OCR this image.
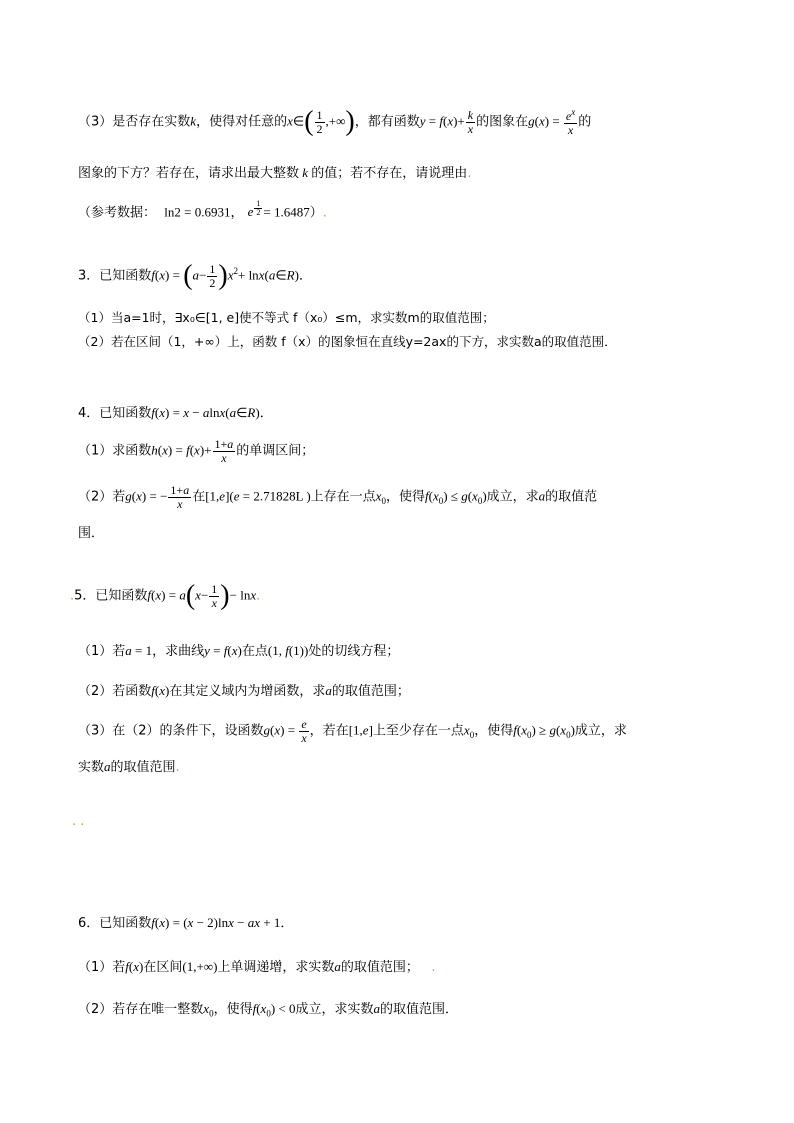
（3）是否存在实数k，使得对任意的x∈( $\frac{1}{2}$ ,+∞)，都有函数$y = f(x)+ \frac{k}{x}$ 的图象在$g(x) = \frac{e^x}{x}$ 的
图象的下方？若存在，请求出最大整数 k 的值；若不存在，请说理由.
（参考数据： ln2 = 0.6931， e $^{\frac{1}{2}}$ = 1.6487）.
3．已知函数$f(x) = (a- \frac{1}{2} )x^2+$ lnx(a∈R)．
（1）当a=1时，∃x₀∈[1, e]使不等式 f（x₀）≤m，求实数m的取值范围；
（2）若在区间（1，+∞）上，函数 f（x）的图象恒在直线y=2ax的下方，求实数a的取值范围．
4．已知函数f(x) = x − alnx(a∈R)．
（1）求函数$h(x) = f(x)+ \frac{1+a}{x}$ 的单调区间；
（2）若g(x) = − $\frac{1+a}{x}$ 在[1,e](e = 2.71828L )上存在一点$x_0$，使得$f(x_0) \le g(x_0)$成立，求a的取值范
围．
.5．已知函数$f(x) = a(x- \frac{1}{x}$ )− lnx.
（1）若a = 1，求曲线y = f(x)在点(1, f(1))处的切线方程；
（2）若函数f(x)在其定义域内为增函数，求a的取值范围；
（3）在（2）的条件下，设函数$g(x) = \frac{e}{x}$ ，若在[1,e]上至少存在一点$x_0$，使得$f(x_0) \ge g(x_0)$成立，求
实数a的取值范围.
. .
6．已知函数f(x) = (x − 2)lnx − ax + 1．
（1）若f(x)在区间(1,+∞)上单调递增，求实数a的取值范围； .
（2）若存在唯一整数$x_0$，使得$f(x_0) < 0$成立，求实数a的取值范围．
